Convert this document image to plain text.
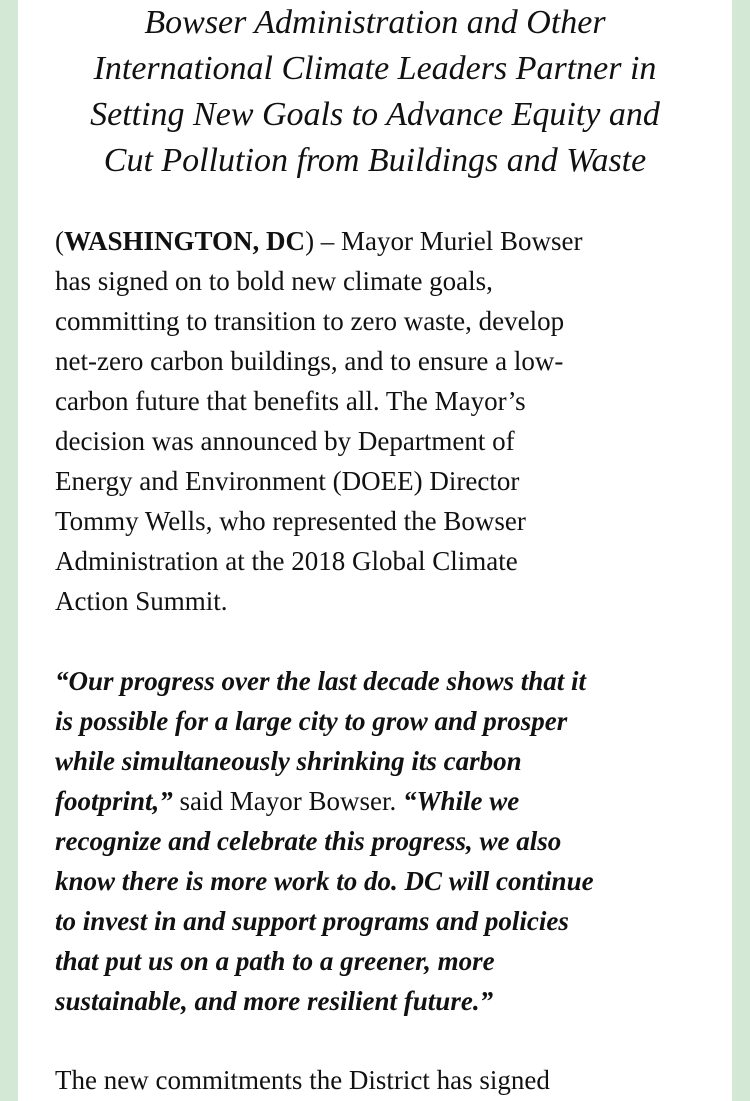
Bowser Administration and Other
International Climate Leaders Partner in
Setting New Goals to Advance Equity and
Cut Pollution from Buildings and Waste
(WASHINGTON, DC) – Mayor Muriel Bowser
has signed on to bold new climate goals,
committing to transition to zero waste, develop
net-zero carbon buildings, and to ensure a low-
carbon future that benefits all. The Mayor’s
decision was announced by Department of
Energy and Environment (DOEE) Director
Tommy Wells, who represented the Bowser
Administration at the 2018 Global Climate
Action Summit.
“Our progress over the last decade shows that it
is possible for a large city to grow and prosper
while simultaneously shrinking its carbon
footprint,” said Mayor Bowser. “While we
recognize and celebrate this progress, we also
know there is more work to do. DC will continue
to invest in and support programs and policies
that put us on a path to a greener, more
sustainable, and more resilient future.”
The new commitments the District has signed
